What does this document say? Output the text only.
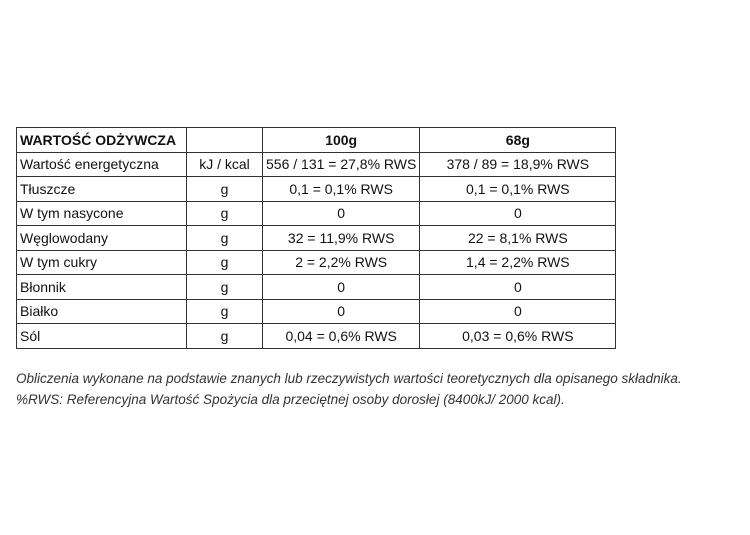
WARTOŚĆ ODŻYWCZA		100g	68g
Wartość energetyczna	kJ / kcal	556 / 131 = 27,8% RWS	378 / 89 = 18,9% RWS
Tłuszcze	g	0,1 = 0,1% RWS	0,1 = 0,1% RWS
W tym nasycone	g	0	0
Węglowodany	g	32 = 11,9% RWS	22 = 8,1% RWS
W tym cukry	g	2 = 2,2% RWS	1,4 = 2,2% RWS
Błonnik	g	0	0
Białko	g	0	0
Sól	g	0,04 = 0,6% RWS	0,03 = 0,6% RWS

Obliczenia wykonane na podstawie znanych lub rzeczywistych wartości teoretycznych dla opisanego składnika.

%RWS: Referencyjna Wartość Spożycia dla przeciętnej osoby dorosłej (8400kJ/ 2000 kcal).
